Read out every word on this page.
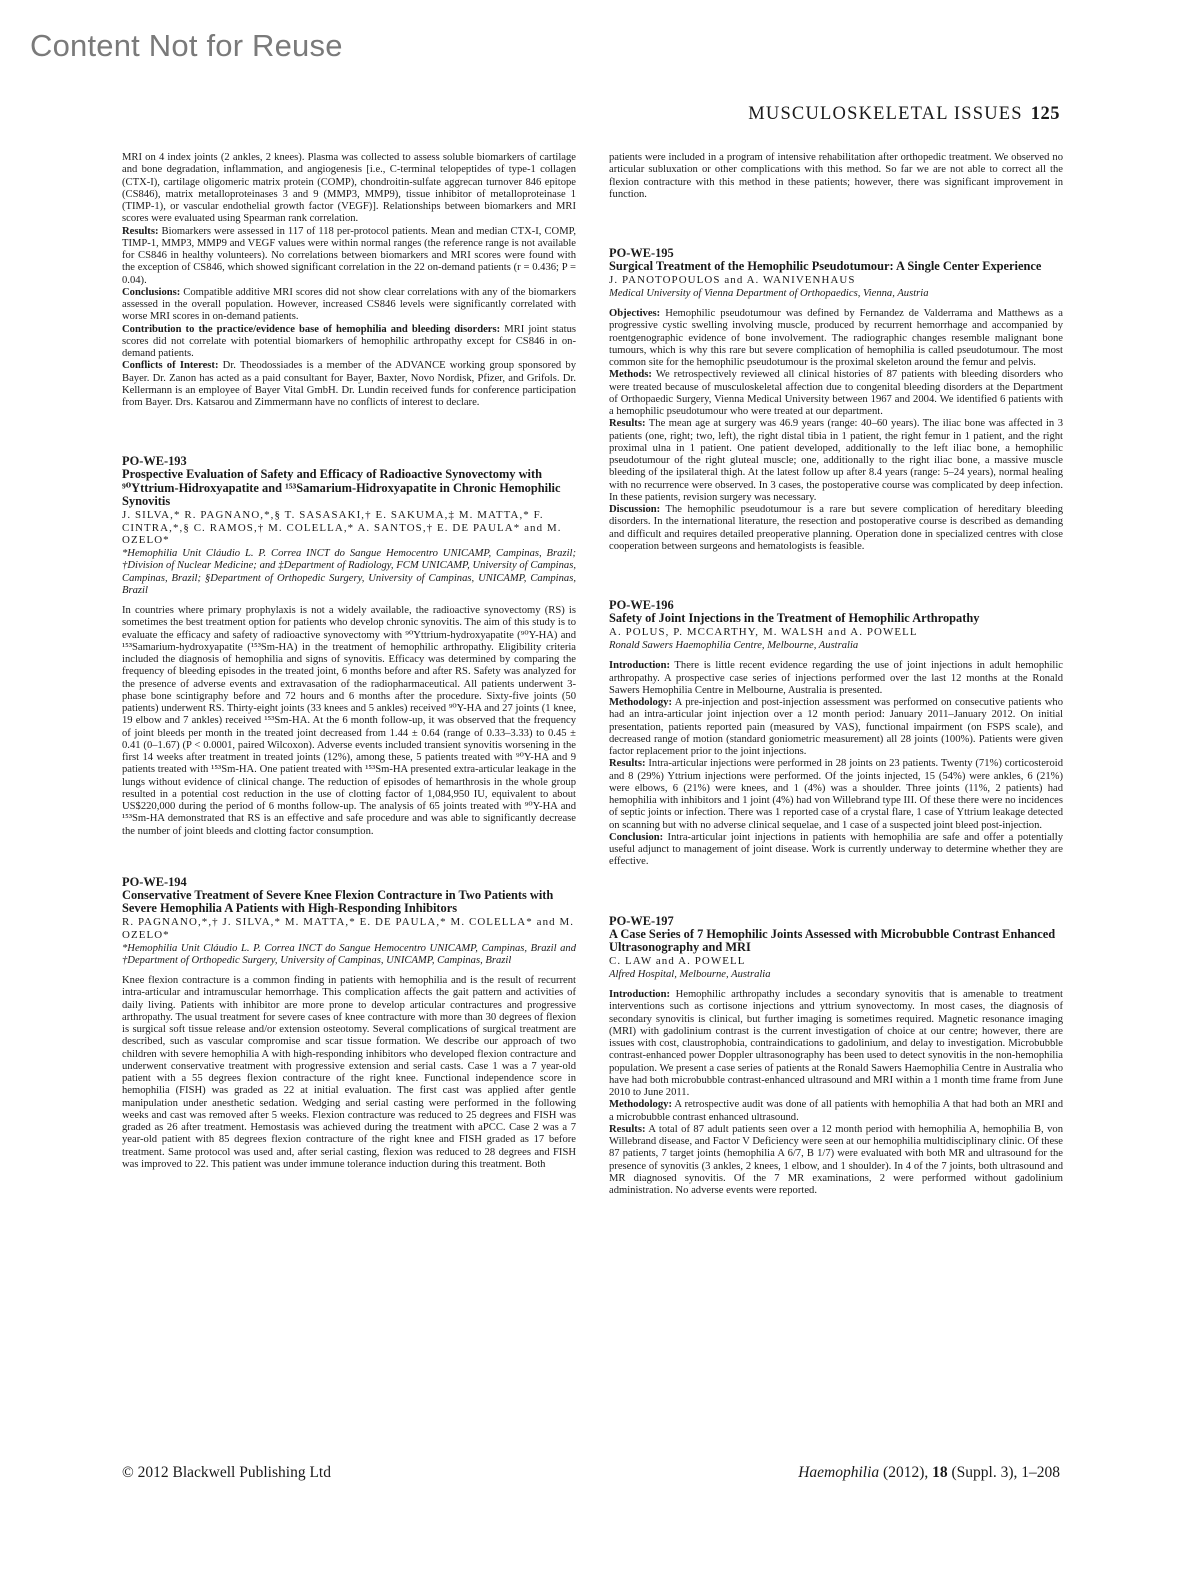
Content Not for Reuse
MUSCULOSKELETAL ISSUES 125

MRI on 4 index joints (2 ankles, 2 knees). Plasma was collected to assess soluble biomarkers of cartilage and bone degradation, inflammation, and angiogenesis [i.e., C-terminal telopeptides of type-1 collagen (CTX-I), cartilage oligomeric matrix protein (COMP), chondroitin-sulfate aggrecan turnover 846 epitope (CS846), matrix metalloproteinases 3 and 9 (MMP3, MMP9), tissue inhibitor of metalloproteinase 1 (TIMP-1), or vascular endothelial growth factor (VEGF)]. Relationships between biomarkers and MRI scores were evaluated using Spearman rank correlation.

Results: Biomarkers were assessed in 117 of 118 per-protocol patients. Mean and median CTX-I, COMP, TIMP-1, MMP3, MMP9 and VEGF values were within normal ranges (the reference range is not available for CS846 in healthy volunteers). No correlations between biomarkers and MRI scores were found with the exception of CS846, which showed significant correlation in the 22 on-demand patients (r = 0.436; P = 0.04).

Conclusions: Compatible additive MRI scores did not show clear correlations with any of the biomarkers assessed in the overall population. However, increased CS846 levels were significantly correlated with worse MRI scores in on-demand patients.

Contribution to the practice/evidence base of hemophilia and bleeding disorders: MRI joint status scores did not correlate with potential biomarkers of hemophilic arthropathy except for CS846 in on-demand patients.

Conflicts of Interest: Dr. Theodossiades is a member of the ADVANCE working group sponsored by Bayer. Dr. Zanon has acted as a paid consultant for Bayer, Baxter, Novo Nordisk, Pfizer, and Grifols. Dr. Kellermann is an employee of Bayer Vital GmbH. Dr. Lundin received funds for conference participation from Bayer. Drs. Katsarou and Zimmermann have no conflicts of interest to declare.

PO-WE-193
Prospective Evaluation of Safety and Efficacy of Radioactive Synovectomy with ⁹⁰Yttrium-Hidroxyapatite and ¹⁵³Samarium-Hidroxyapatite in Chronic Hemophilic Synovitis
J. SILVA,* R. PAGNANO,*,§ T. SASASAKI,† E. SAKUMA,‡ M. MATTA,* F. CINTRA,*,§ C. RAMOS,† M. COLELLA,* A. SANTOS,† E. DE PAULA* and M. OZELO*
*Hemophilia Unit Cláudio L. P. Correa INCT do Sangue Hemocentro UNICAMP, Campinas, Brazil; †Division of Nuclear Medicine; and ‡Department of Radiology, FCM UNICAMP, University of Campinas, Campinas, Brazil; §Department of Orthopedic Surgery, University of Campinas, UNICAMP, Campinas, Brazil

In countries where primary prophylaxis is not a widely available, the radioactive synovectomy (RS) is sometimes the best treatment option for patients who develop chronic synovitis. The aim of this study is to evaluate the efficacy and safety of radioactive synovectomy with ⁹⁰Yttrium-hydroxyapatite (⁹⁰Y-HA) and ¹⁵³Samarium-hydroxyapatite (¹⁵³Sm-HA) in the treatment of hemophilic arthropathy. Eligibility criteria included the diagnosis of hemophilia and signs of synovitis. Efficacy was determined by comparing the frequency of bleeding episodes in the treated joint, 6 months before and after RS. Safety was analyzed for the presence of adverse events and extravasation of the radiopharmaceutical. All patients underwent 3-phase bone scintigraphy before and 72 hours and 6 months after the procedure. Sixty-five joints (50 patients) underwent RS. Thirty-eight joints (33 knees and 5 ankles) received ⁹⁰Y-HA and 27 joints (1 knee, 19 elbow and 7 ankles) received ¹⁵³Sm-HA. At the 6 month follow-up, it was observed that the frequency of joint bleeds per month in the treated joint decreased from 1.44 ± 0.64 (range of 0.33–3.33) to 0.45 ± 0.41 (0–1.67) (P < 0.0001, paired Wilcoxon). Adverse events included transient synovitis worsening in the first 14 weeks after treatment in treated joints (12%), among these, 5 patients treated with ⁹⁰Y-HA and 9 patients treated with ¹⁵³Sm-HA. One patient treated with ¹⁵³Sm-HA presented extra-articular leakage in the lungs without evidence of clinical change. The reduction of episodes of hemarthrosis in the whole group resulted in a potential cost reduction in the use of clotting factor of 1,084,950 IU, equivalent to about US$220,000 during the period of 6 months follow-up. The analysis of 65 joints treated with ⁹⁰Y-HA and ¹⁵³Sm-HA demonstrated that RS is an effective and safe procedure and was able to significantly decrease the number of joint bleeds and clotting factor consumption.

PO-WE-194
Conservative Treatment of Severe Knee Flexion Contracture in Two Patients with Severe Hemophilia A Patients with High-Responding Inhibitors
R. PAGNANO,*,† J. SILVA,* M. MATTA,* E. DE PAULA,* M. COLELLA* and M. OZELO*
*Hemophilia Unit Cláudio L. P. Correa INCT do Sangue Hemocentro UNICAMP, Campinas, Brazil and †Department of Orthopedic Surgery, University of Campinas, UNICAMP, Campinas, Brazil

Knee flexion contracture is a common finding in patients with hemophilia and is the result of recurrent intra-articular and intramuscular hemorrhage. This complication affects the gait pattern and activities of daily living. Patients with inhibitor are more prone to develop articular contractures and progressive arthropathy. The usual treatment for severe cases of knee contracture with more than 30 degrees of flexion is surgical soft tissue release and/or extension osteotomy. Several complications of surgical treatment are described, such as vascular compromise and scar tissue formation. We describe our approach of two children with severe hemophilia A with high-responding inhibitors who developed flexion contracture and underwent conservative treatment with progressive extension and serial casts. Case 1 was a 7 year-old patient with a 55 degrees flexion contracture of the right knee. Functional independence score in hemophilia (FISH) was graded as 22 at initial evaluation. The first cast was applied after gentle manipulation under anesthetic sedation. Wedging and serial casting were performed in the following weeks and cast was removed after 5 weeks. Flexion contracture was reduced to 25 degrees and FISH was graded as 26 after treatment. Hemostasis was achieved during the treatment with aPCC. Case 2 was a 7 year-old patient with 85 degrees flexion contracture of the right knee and FISH graded as 17 before treatment. Same protocol was used and, after serial casting, flexion was reduced to 28 degrees and FISH was improved to 22. This patient was under immune tolerance induction during this treatment. Both

patients were included in a program of intensive rehabilitation after orthopedic treatment. We observed no articular subluxation or other complications with this method. So far we are not able to correct all the flexion contracture with this method in these patients; however, there was significant improvement in function.

PO-WE-195
Surgical Treatment of the Hemophilic Pseudotumour: A Single Center Experience
J. PANOTOPOULOS and A. WANIVENHAUS
Medical University of Vienna Department of Orthopaedics, Vienna, Austria

Objectives: Hemophilic pseudotumour was defined by Fernandez de Valderrama and Matthews as a progressive cystic swelling involving muscle, produced by recurrent hemorrhage and accompanied by roentgenographic evidence of bone involvement. The radiographic changes resemble malignant bone tumours, which is why this rare but severe complication of hemophilia is called pseudotumour. The most common site for the hemophilic pseudotumour is the proximal skeleton around the femur and pelvis.

Methods: We retrospectively reviewed all clinical histories of 87 patients with bleeding disorders who were treated because of musculoskeletal affection due to congenital bleeding disorders at the Department of Orthopaedic Surgery, Vienna Medical University between 1967 and 2004. We identified 6 patients with a hemophilic pseudotumour who were treated at our department.

Results: The mean age at surgery was 46.9 years (range: 40–60 years). The iliac bone was affected in 3 patients (one, right; two, left), the right distal tibia in 1 patient, the right femur in 1 patient, and the right proximal ulna in 1 patient. One patient developed, additionally to the left iliac bone, a hemophilic pseudotumour of the right gluteal muscle; one, additionally to the right iliac bone, a massive muscle bleeding of the ipsilateral thigh. At the latest follow up after 8.4 years (range: 5–24 years), normal healing with no recurrence were observed. In 3 cases, the postoperative course was complicated by deep infection. In these patients, revision surgery was necessary.

Discussion: The hemophilic pseudotumour is a rare but severe complication of hereditary bleeding disorders. In the international literature, the resection and postoperative course is described as demanding and difficult and requires detailed preoperative planning. Operation done in specialized centres with close cooperation between surgeons and hematologists is feasible.

PO-WE-196
Safety of Joint Injections in the Treatment of Hemophilic Arthropathy
A. POLUS, P. MCCARTHY, M. WALSH and A. POWELL
Ronald Sawers Haemophilia Centre, Melbourne, Australia

Introduction: There is little recent evidence regarding the use of joint injections in adult hemophilic arthropathy. A prospective case series of injections performed over the last 12 months at the Ronald Sawers Hemophilia Centre in Melbourne, Australia is presented.

Methodology: A pre-injection and post-injection assessment was performed on consecutive patients who had an intra-articular joint injection over a 12 month period: January 2011–January 2012. On initial presentation, patients reported pain (measured by VAS), functional impairment (on FSPS scale), and decreased range of motion (standard goniometric measurement) all 28 joints (100%). Patients were given factor replacement prior to the joint injections.

Results: Intra-articular injections were performed in 28 joints on 23 patients. Twenty (71%) corticosteroid and 8 (29%) Yttrium injections were performed. Of the joints injected, 15 (54%) were ankles, 6 (21%) were elbows, 6 (21%) were knees, and 1 (4%) was a shoulder. Three joints (11%, 2 patients) had hemophilia with inhibitors and 1 joint (4%) had von Willebrand type III. Of these there were no incidences of septic joints or infection. There was 1 reported case of a crystal flare, 1 case of Yttrium leakage detected on scanning but with no adverse clinical sequelae, and 1 case of a suspected joint bleed post-injection.

Conclusion: Intra-articular joint injections in patients with hemophilia are safe and offer a potentially useful adjunct to management of joint disease. Work is currently underway to determine whether they are effective.

PO-WE-197
A Case Series of 7 Hemophilic Joints Assessed with Microbubble Contrast Enhanced Ultrasonography and MRI
C. LAW and A. POWELL
Alfred Hospital, Melbourne, Australia

Introduction: Hemophilic arthropathy includes a secondary synovitis that is amenable to treatment interventions such as cortisone injections and yttrium synovectomy. In most cases, the diagnosis of secondary synovitis is clinical, but further imaging is sometimes required. Magnetic resonance imaging (MRI) with gadolinium contrast is the current investigation of choice at our centre; however, there are issues with cost, claustrophobia, contraindications to gadolinium, and delay to investigation. Microbubble contrast-enhanced power Doppler ultrasonography has been used to detect synovitis in the non-hemophilia population. We present a case series of patients at the Ronald Sawers Haemophilia Centre in Australia who have had both microbubble contrast-enhanced ultrasound and MRI within a 1 month time frame from June 2010 to June 2011.

Methodology: A retrospective audit was done of all patients with hemophilia A that had both an MRI and a microbubble contrast enhanced ultrasound.

Results: A total of 87 adult patients seen over a 12 month period with hemophilia A, hemophilia B, von Willebrand disease, and Factor V Deficiency were seen at our hemophilia multidisciplinary clinic. Of these 87 patients, 7 target joints (hemophilia A 6/7, B 1/7) were evaluated with both MR and ultrasound for the presence of synovitis (3 ankles, 2 knees, 1 elbow, and 1 shoulder). In 4 of the 7 joints, both ultrasound and MR diagnosed synovitis. Of the 7 MR examinations, 2 were performed without gadolinium administration. No adverse events were reported.

© 2012 Blackwell Publishing Ltd	Haemophilia (2012), 18 (Suppl. 3), 1–208
